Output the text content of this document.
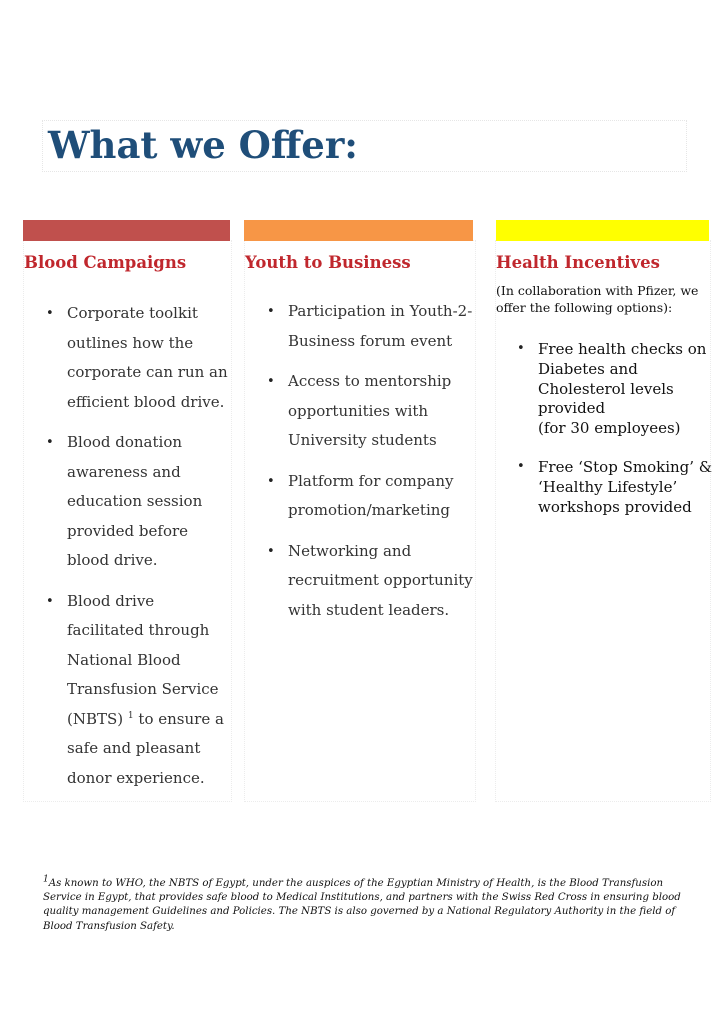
What we Offer:
Blood Campaigns
• Corporate toolkit outlines how the corporate can run an efficient blood drive.
• Blood donation awareness and education session provided before blood drive.
• Blood drive facilitated through National Blood Transfusion Service (NBTS) $^1$ to ensure a safe and pleasant donor experience.
Youth to Business
• Participation in Youth-2-Business forum event
• Access to mentorship opportunities with University students
• Platform for company promotion/marketing
• Networking and recruitment opportunity with student leaders.
Health Incentives

(In collaboration with Pfizer, we offer the following options):

• Free health checks on Diabetes and Cholesterol levels provided
(for 30 employees)
• Free ‘Stop Smoking’ & ‘Healthy Lifestyle’ workshops provided

$^1$As known to WHO, the NBTS of Egypt, under the auspices of the Egyptian Ministry of Health, is the Blood Transfusion Service in Egypt, that provides safe blood to Medical Institutions, and partners with the Swiss Red Cross in ensuring blood quality management Guidelines and Policies. The NBTS is also governed by a National Regulatory Authority in the field of Blood Transfusion Safety.
